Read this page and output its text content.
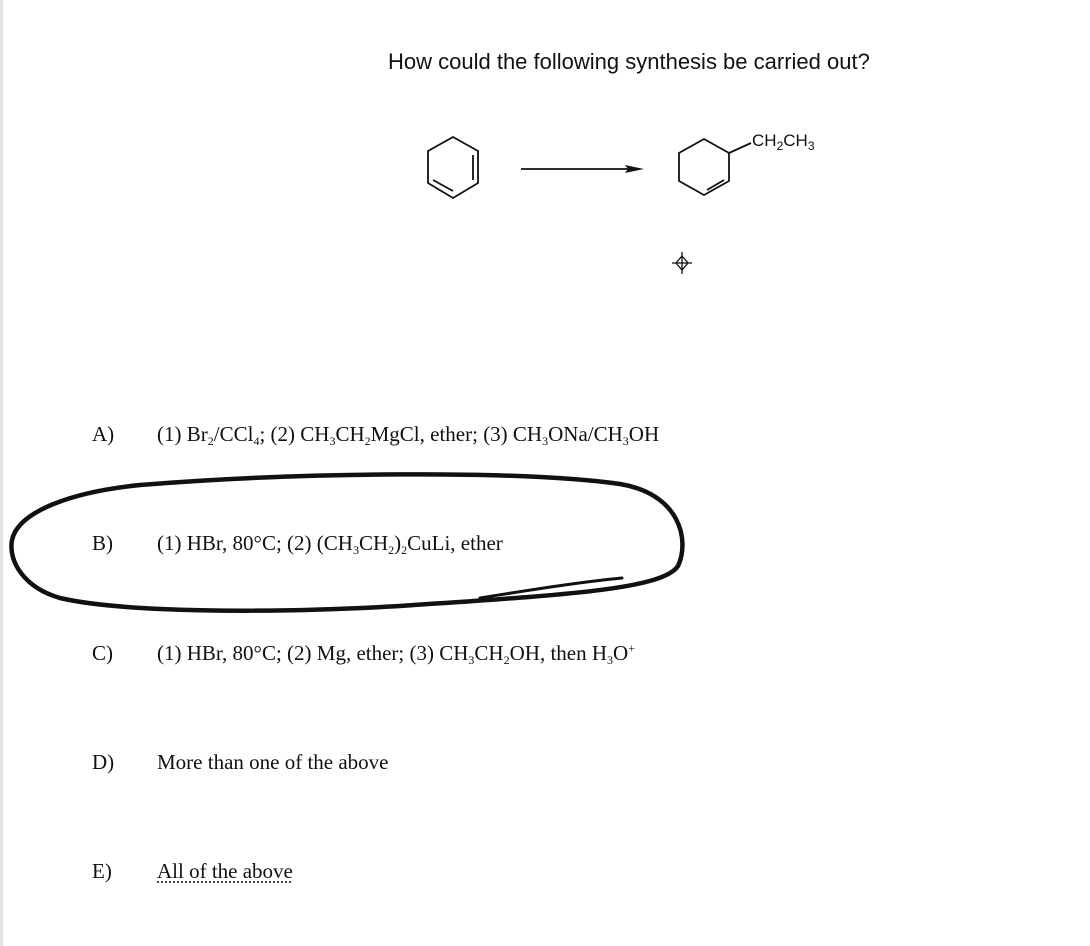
How could the following synthesis be carried out?
$CH_2CH_3$
A) (1) $Br_2/CCl_4$; (2) $CH_3CH_2MgCl$, ether; (3) $CH_3ONa/CH_3OH$
B) (1) HBr, 80°C; (2) $(CH_3CH_2)_2CuLi$, ether
C) (1) HBr, 80°C; (2) Mg, ether; (3) $CH_3CH_2OH$, then $H_3O^+$
D) More than one of the above
E) All of the above
